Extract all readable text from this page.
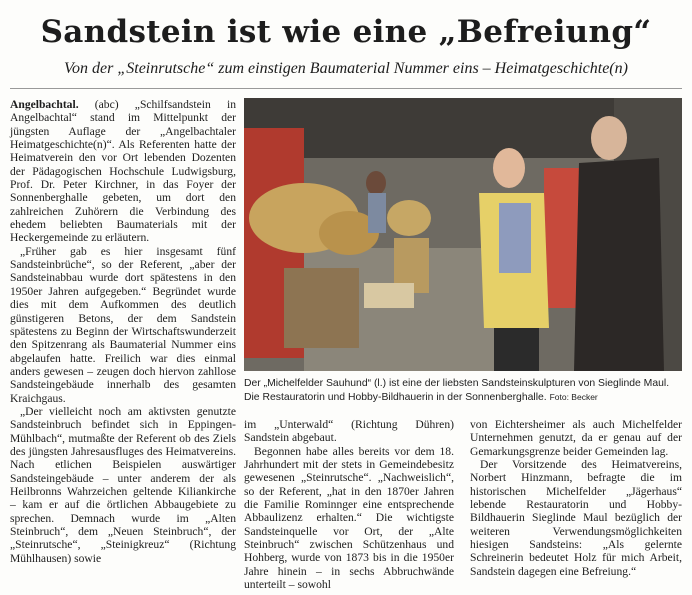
Sandstein ist wie eine „Befreiung“
Von der „Steinrutsche“ zum einstigen Baumaterial Nummer eins – Heimatgeschichte(n)

Angelbachtal. (abc) „Schilfsandstein in Angelbachtal“ stand im Mittelpunkt der jüngsten Auflage der „Angelbachtaler Heimatgeschichte(n)“. Als Referenten hatte der Heimatverein den vor Ort lebenden Dozenten der Pädagogischen Hochschule Ludwigsburg, Prof. Dr. Peter Kirchner, in das Foyer der Sonnenberghalle gebeten, um dort den zahlreichen Zuhörern die Verbindung des ehedem beliebten Baumaterials mit der Heckergemeinde zu erläutern.

„Früher gab es hier insgesamt fünf Sandsteinbrüche“, so der Referent, „aber der Sandsteinabbau wurde dort spätestens in den 1950er Jahren aufgegeben.“ Begründet wurde dies mit dem Aufkommen des deutlich günstigeren Betons, der dem Sandstein spätestens zu Beginn der Wirtschaftswunderzeit den Spitzenrang als Baumaterial Nummer eins abgelaufen hatte. Freilich war dies einmal anders gewesen – zeugen doch hiervon zahllose Sandsteingebäude innerhalb des gesamten Kraichgaus.

„Der vielleicht noch am aktivsten genutzte Sandsteinbruch befindet sich in Eppingen-Mühlbach“, mutmaßte der Referent ob des Ziels des jüngsten Jahresausfluges des Heimatvereins. Nach etlichen Beispielen auswärtiger Sandsteingebäude – unter anderem der als Heilbronns Wahrzeichen geltende Kiliankirche – kam er auf die örtlichen Abbaugebiete zu sprechen. Demnach wurde im „Alten Steinbruch“, dem „Neuen Steinbruch“, der „Steinrutsche“, „Steinigkreuz“ (Richtung Mühlhausen) sowie

Der „Michelfelder Sauhund“ (l.) ist eine der liebsten Sandsteinskulpturen von Sieglinde Maul. Die Restauratorin und Hobby-Bildhauerin in der Sonnenberghalle. Foto: Becker

im „Unterwald“ (Richtung Dühren) Sandstein abgebaut.

Begonnen habe alles bereits vor dem 18. Jahrhundert mit der stets in Gemeindebesitz gewesenen „Steinrutsche“. „Nachweislich“, so der Referent, „hat in den 1870er Jahren die Familie Rominnger eine entsprechende Abbaulizenz erhalten.“ Die wichtigste Sandsteinquelle vor Ort, der „Alte Steinbruch“ zwischen Schützenhaus und Hohberg, wurde von 1873 bis in die 1950er Jahre hinein – in sechs Abbruchwände unterteilt – sowohl

von Eichtersheimer als auch Michelfelder Unternehmen genutzt, da er genau auf der Gemarkungsgrenze beider Gemeinden lag.

Der Vorsitzende des Heimatvereins, Norbert Hinzmann, befragte die im historischen Michelfelder „Jägerhaus“ lebende Restauratorin und Hobby-Bildhauerin Sieglinde Maul bezüglich der weiteren Verwendungsmöglichkeiten hiesigen Sandsteins: „Als gelernte Schreinerin bedeutet Holz für mich Arbeit, Sandstein dagegen eine Befreiung.“
